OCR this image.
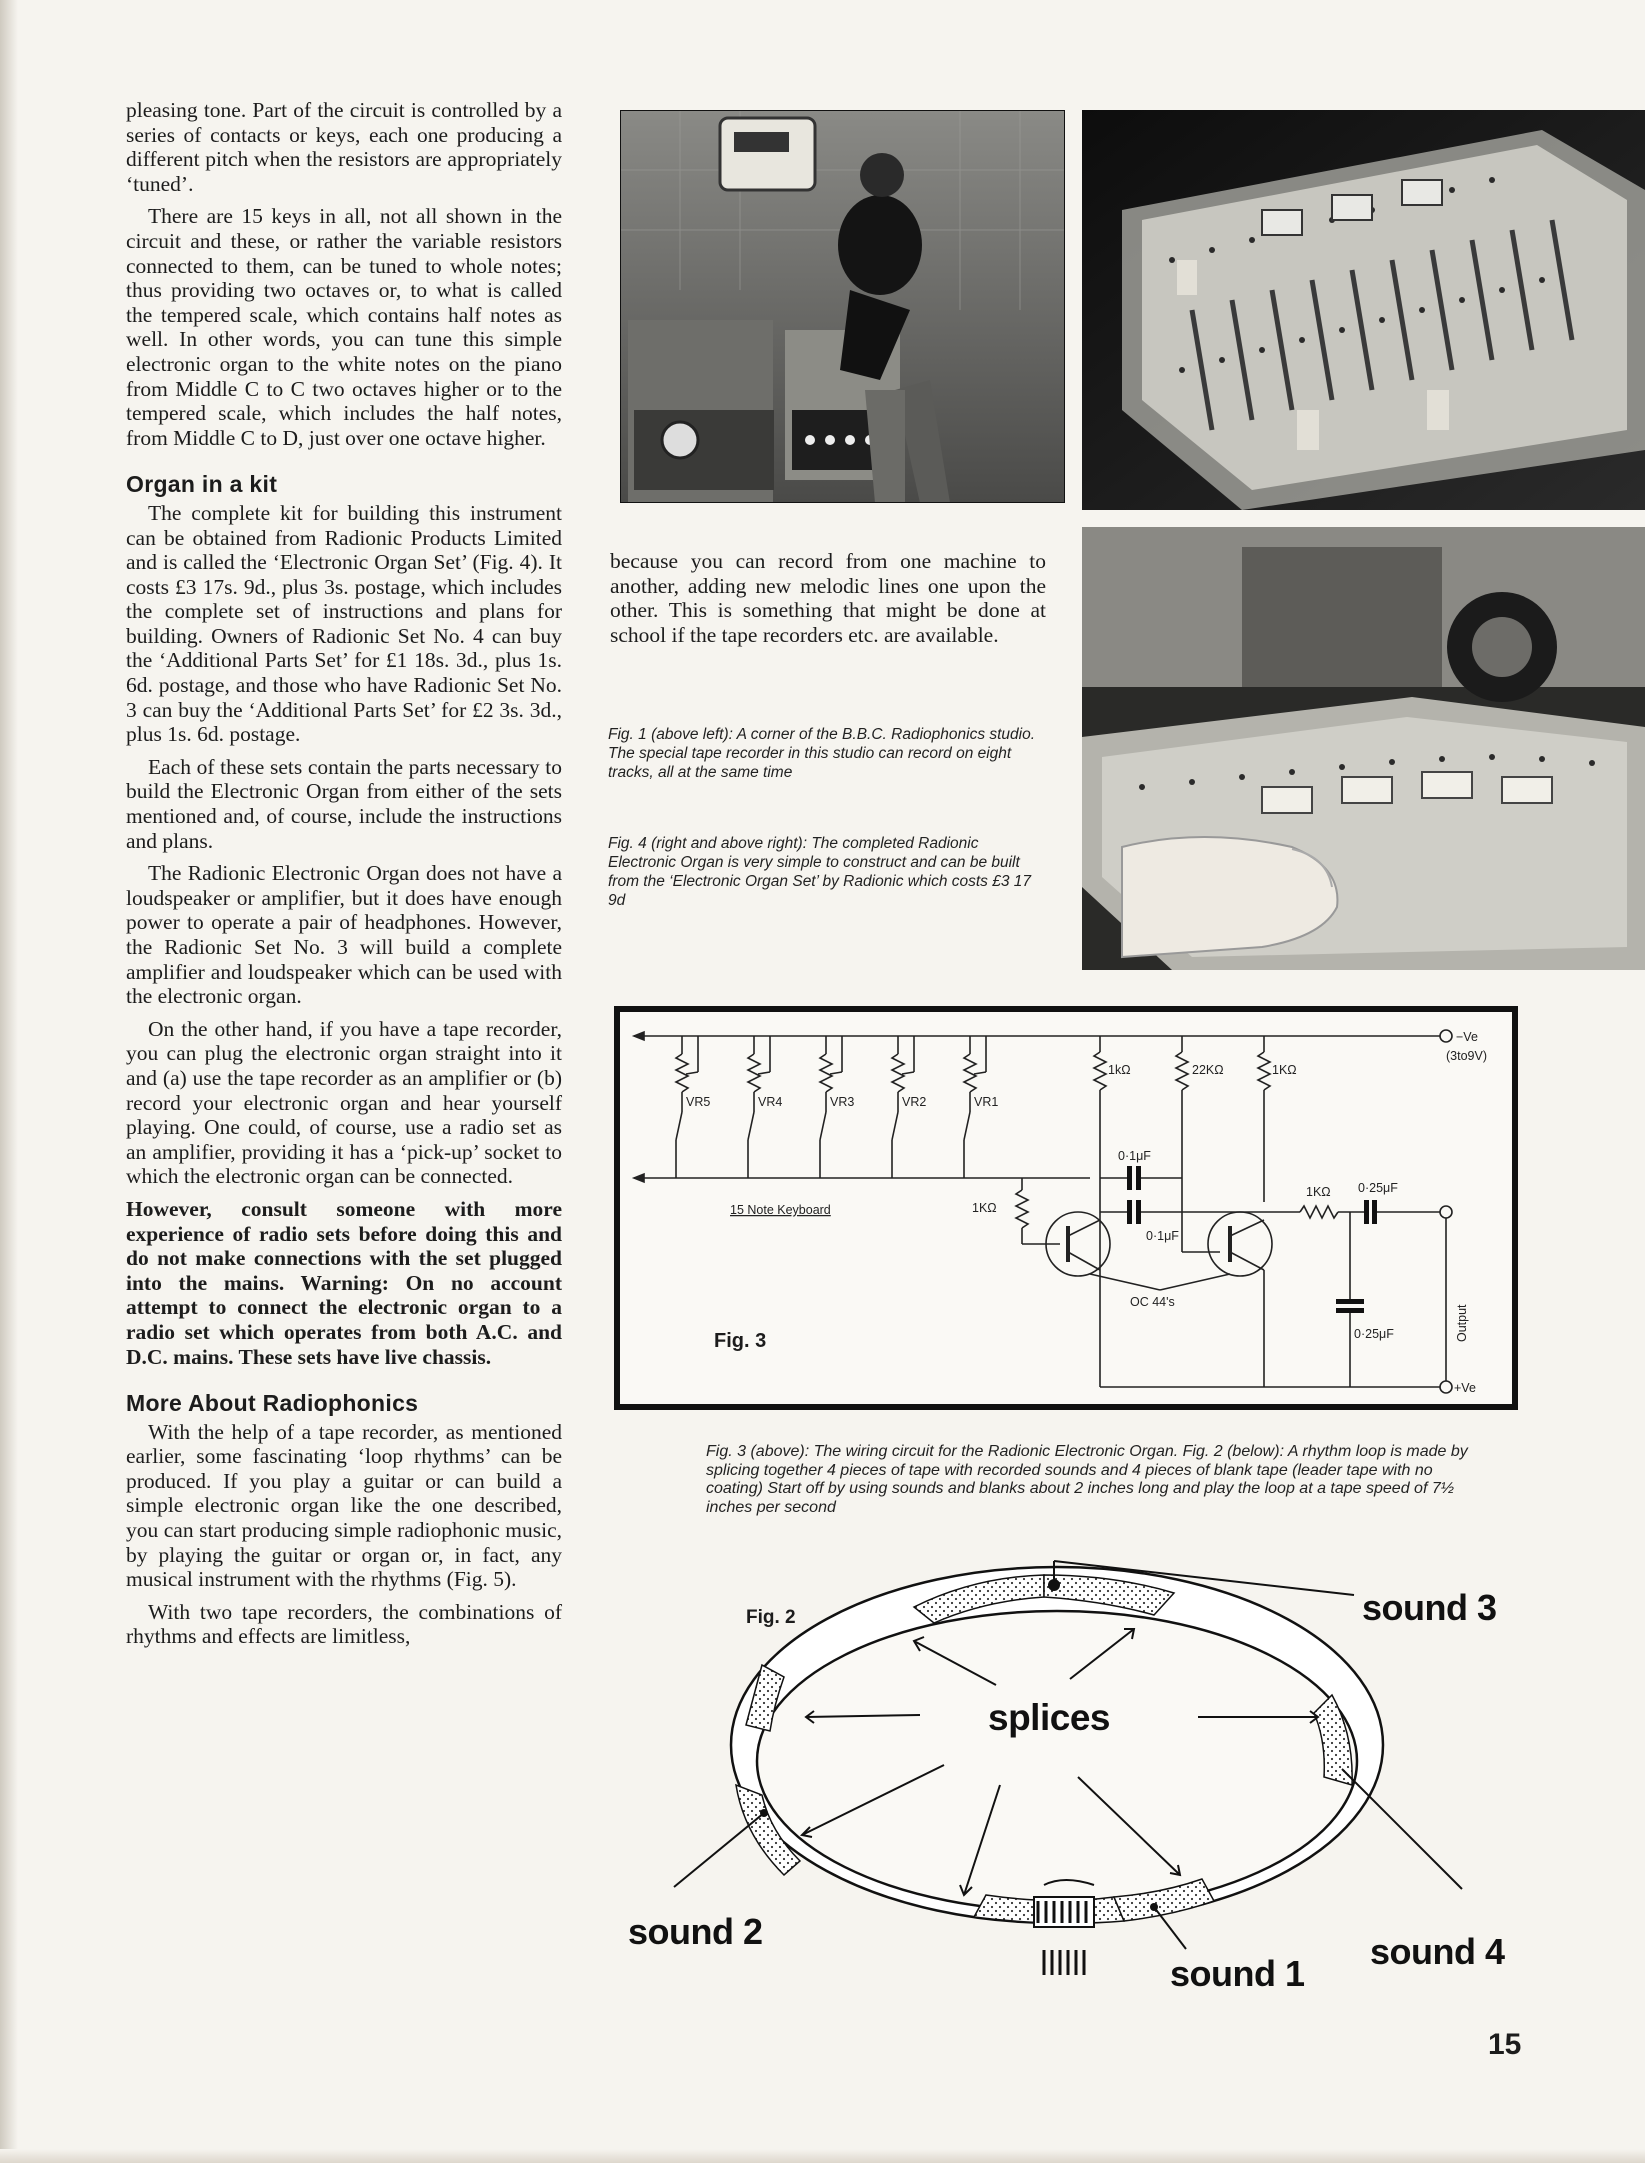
pleasing tone. Part of the circuit is controlled by a series of contacts or keys, each one producing a different pitch when the resistors are appropriately ‘tuned’.

There are 15 keys in all, not all shown in the circuit and these, or rather the variable resistors connected to them, can be tuned to whole notes; thus providing two octaves or, to what is called the tempered scale, which contains half notes as well. In other words, you can tune this simple electronic organ to the white notes on the piano from Middle C to C two octaves higher or to the tempered scale, which includes the half notes, from Middle C to D, just over one octave higher.

Organ in a kit

The complete kit for building this instrument can be obtained from Radionic Products Limited and is called the ‘Electronic Organ Set’ (Fig. 4). It costs £3 17s. 9d., plus 3s. postage, which includes the complete set of instructions and plans for building. Owners of Radionic Set No. 4 can buy the ‘Additional Parts Set’ for £1 18s. 3d., plus 1s. 6d. postage, and those who have Radionic Set No. 3 can buy the ‘Additional Parts Set’ for £2 3s. 3d., plus 1s. 6d. postage.

Each of these sets contain the parts necessary to build the Electronic Organ from either of the sets mentioned and, of course, include the instructions and plans.

The Radionic Electronic Organ does not have a loudspeaker or amplifier, but it does have enough power to operate a pair of headphones. However, the Radionic Set No. 3 will build a complete amplifier and loudspeaker which can be used with the electronic organ.

On the other hand, if you have a tape recorder, you can plug the electronic organ straight into it and (a) use the tape recorder as an amplifier or (b) record your electronic organ and hear yourself playing. One could, of course, use a radio set as an amplifier, providing it has a ‘pick-up’ socket to which the electronic organ can be connected.

However, consult someone with more experience of radio sets before doing this and do not make connections with the set plugged into the mains. Warning: On no account attempt to connect the electronic organ to a radio set which operates from both A.C. and D.C. mains. These sets have live chassis.

More About Radiophonics

With the help of a tape recorder, as mentioned earlier, some fascinating ‘loop rhythms’ can be produced. If you play a guitar or can build a simple electronic organ like the one described, you can start producing simple radiophonic music, by playing the guitar or organ or, in fact, any musical instrument with the rhythms (Fig. 5).

With two tape recorders, the combinations of rhythms and effects are limitless,

because you can record from one machine to another, adding new melodic lines one upon the other. This is something that might be done at school if the tape recorders etc. are available.

Fig. 1 (above left): A corner of the B.B.C. Radiophonics studio. The special tape recorder in this studio can record on eight tracks, all at the same time
Fig. 4 (right and above right): The completed Radionic Electronic Organ is very simple to construct and can be built from the ‘Electronic Organ Set’ by Radionic which costs £3 17 9d
VR5	VR4	VR3	VR2	VR1
1kΩ	22KΩ	1KΩ
0·1μF
0·1μF
1KΩ
1KΩ 0·25μF
0·25μF
15 Note Keyboard
OC 44's
−Ve
(3to9V)
+Ve
Output
Fig. 3
Fig. 3 (above): The wiring circuit for the Radionic Electronic Organ. Fig. 2 (below): A rhythm loop is made by splicing together 4 pieces of tape with recorded sounds and 4 pieces of blank tape (leader tape with no coating) Start off by using sounds and blanks about 2 inches long and play the loop at a tape speed of 7½ inches per second
Fig. 2
splices
sound 3
sound 2
sound 1
sound 4
15
